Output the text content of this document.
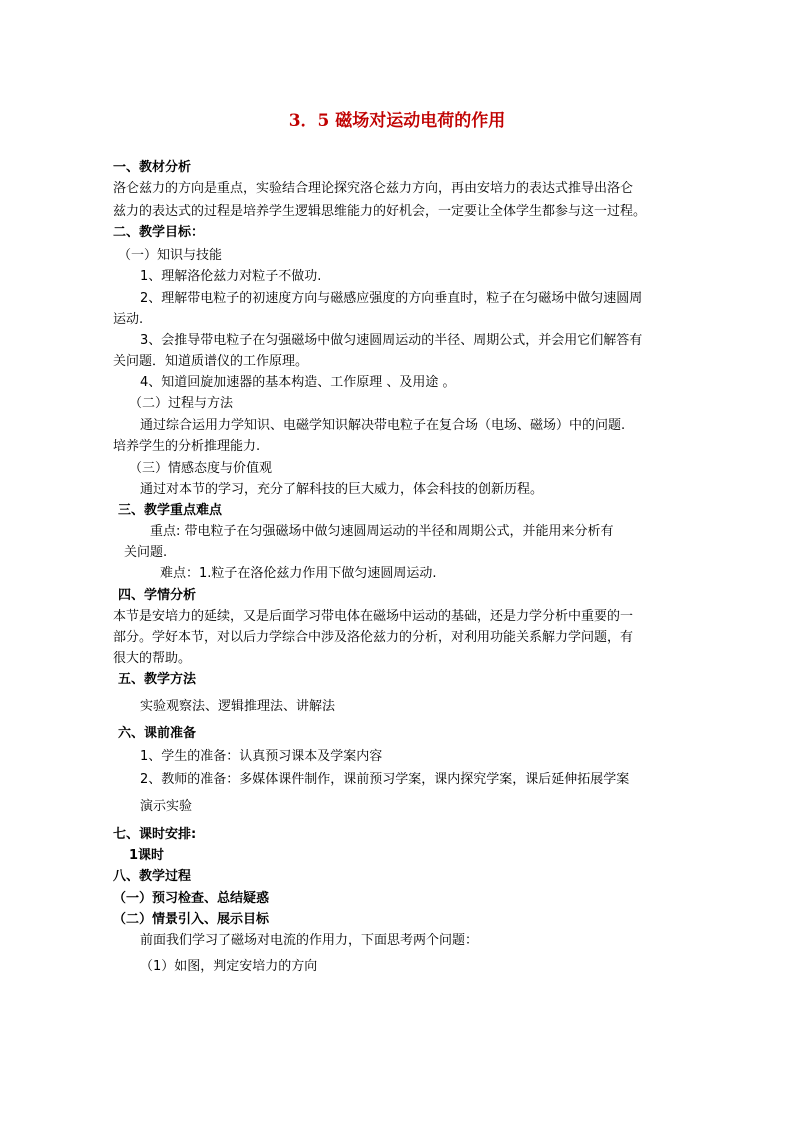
3．5 磁场对运动电荷的作用
一、教材分析
洛仑兹力的方向是重点，实验结合理论探究洛仑兹力方向，再由安培力的表达式推导出洛仑
兹力的表达式的过程是培养学生逻辑思维能力的好机会，一定要让全体学生都参与这一过程。
二、教学目标：
（一）知识与技能
1、理解洛伦兹力对粒子不做功.
2、理解带电粒子的初速度方向与磁感应强度的方向垂直时，粒子在匀磁场中做匀速圆周
运动.
3、会推导带电粒子在匀强磁场中做匀速圆周运动的半径、周期公式，并会用它们解答有
关问题．知道质谱仪的工作原理。
4、知道回旋加速器的基本构造、工作原理 、及用途 。
（二）过程与方法
通过综合运用力学知识、电磁学知识解决带电粒子在复合场（电场、磁场）中的问题.
培养学生的分析推理能力.
（三）情感态度与价值观
通过对本节的学习，充分了解科技的巨大威力，体会科技的创新历程。
三、教学重点难点
重点: 带电粒子在匀强磁场中做匀速圆周运动的半径和周期公式，并能用来分析有
关问题.
难点：1.粒子在洛伦兹力作用下做匀速圆周运动.
四、学情分析
本节是安培力的延续，又是后面学习带电体在磁场中运动的基础，还是力学分析中重要的一
部分。学好本节，对以后力学综合中涉及洛伦兹力的分析，对利用功能关系解力学问题，有
很大的帮助。
五、教学方法
实验观察法、逻辑推理法、讲解法
六、课前准备
1、学生的准备：认真预习课本及学案内容
2、教师的准备：多媒体课件制作，课前预习学案，课内探究学案，课后延伸拓展学案
演示实验
七、课时安排:
1课时
八、教学过程
（一）预习检查、总结疑惑
（二）情景引入、展示目标
前面我们学习了磁场对电流的作用力，下面思考两个问题：
（1）如图，判定安培力的方向
